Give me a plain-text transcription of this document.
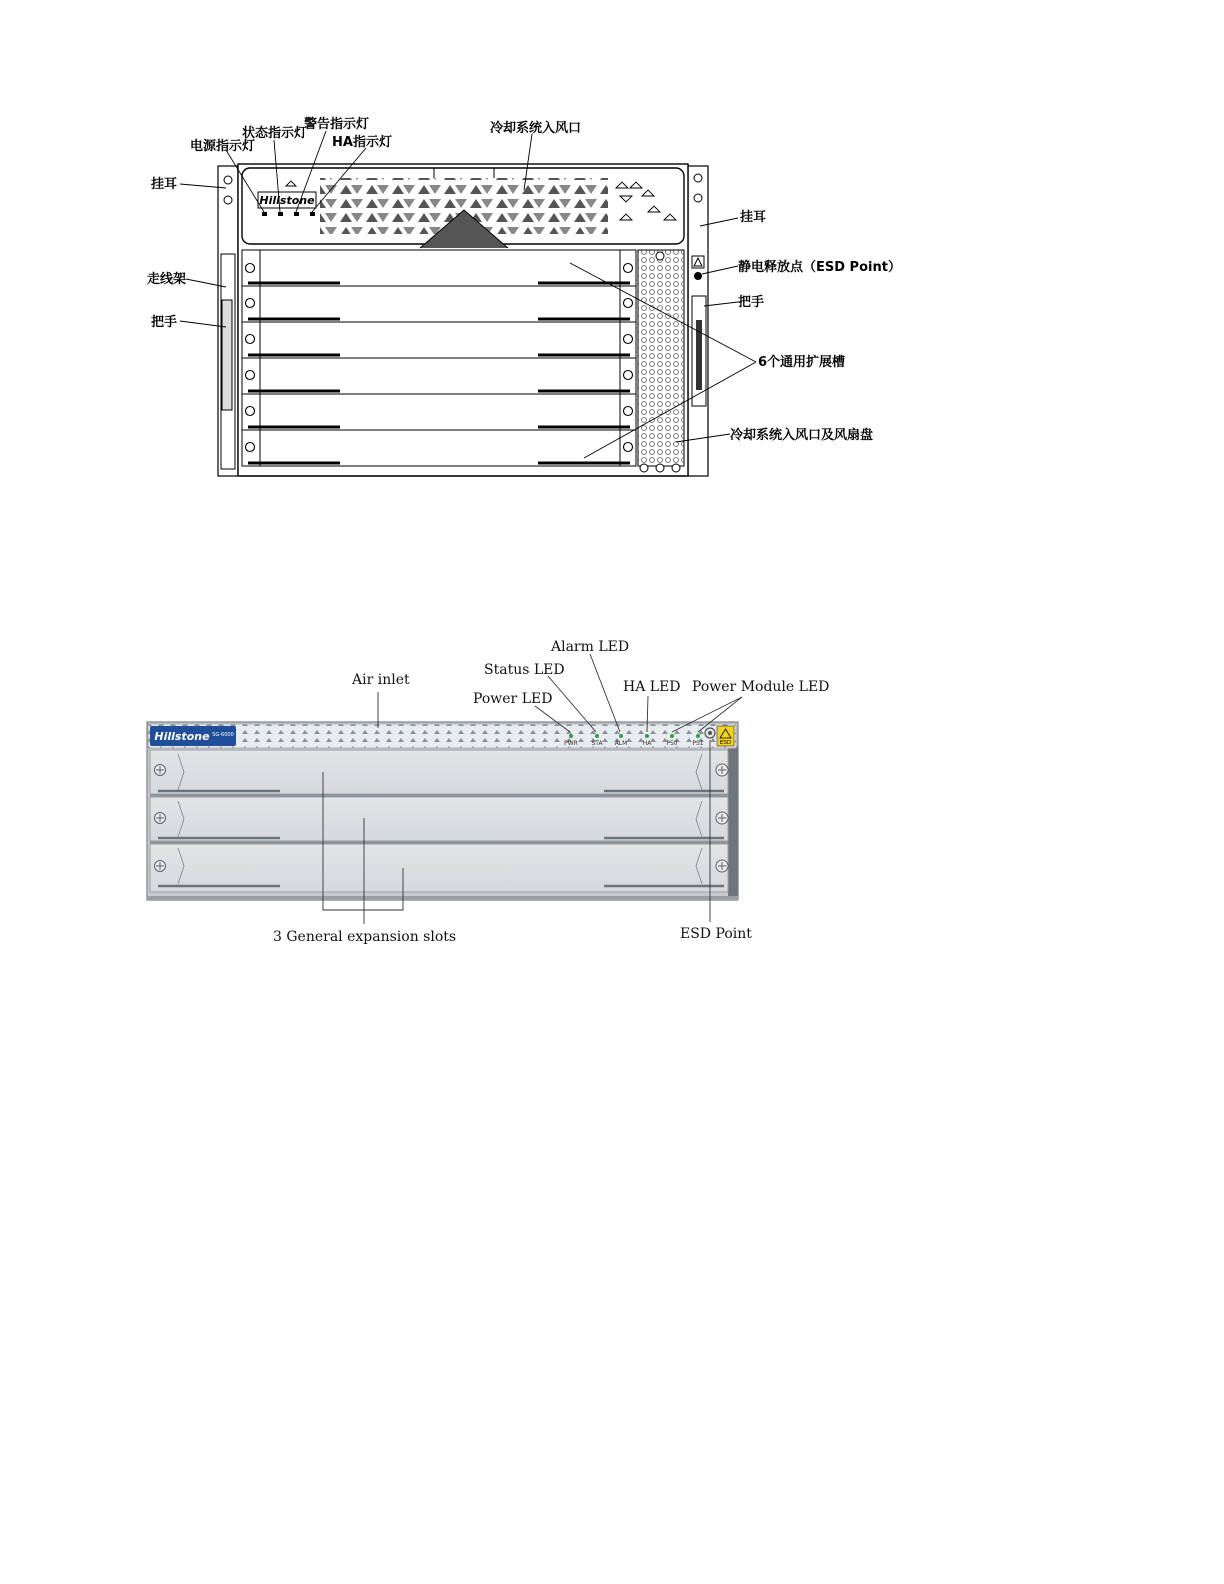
Hillstone
电源指示灯
状态指示灯
警告指示灯
HA指示灯
冷却系统入风口
挂耳
挂耳
走线架
把手
静电释放点（ESD Point）
把手
6个通用扩展槽
冷却系统入风口及风扇盘
Hillstone SG-6000
PWR STA ALM	HA	PS0 PS1	ESD
Alarm LED
Status LED
HA LED Power Module LED
Air inlet
Power LED
3 General expansion slots	ESD Point
